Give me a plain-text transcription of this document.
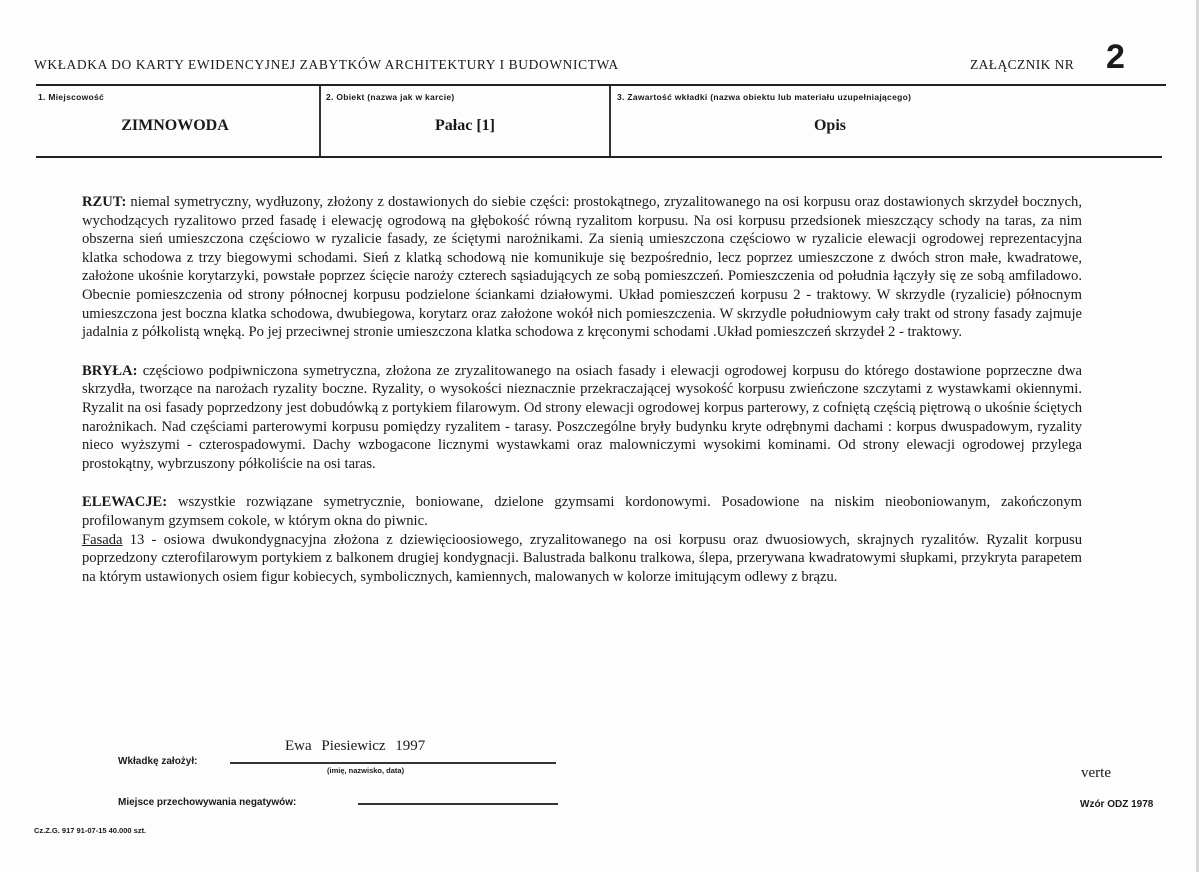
WKŁADKA DO KARTY EWIDENCYJNEJ ZABYTKÓW ARCHITEKTURY I BUDOWNICTWA	ZAŁĄCZNIK NR 2
1. Miejscowość
ZIMNOWODA
2. Obiekt (nazwa jak w karcie)
Pałac [1]
3. Zawartość wkładki (nazwa obiektu lub materiału uzupełniającego)
Opis

RZUT: niemal symetryczny, wydłuzony, złożony z dostawionych do siebie części: prostokątnego, zryzalitowanego na osi korpusu oraz dostawionych skrzydeł bocznych, wychodzących ryzalitowo przed fasadę i elewację ogrodową na głębokość równą ryzalitom korpusu. Na osi korpusu przedsionek mieszczący schody na taras, za nim obszerna sień umieszczona częściowo w ryzalicie fasady, ze ściętymi narożnikami. Za sienią umieszczona częściowo w ryzalicie elewacji ogrodowej reprezentacyjna klatka schodowa z trzy biegowymi schodami. Sień z klatką schodową nie komunikuje się bezpośrednio, lecz poprzez umieszczone z dwóch stron małe, kwadratowe, założone ukośnie korytarzyki, powstałe poprzez ścięcie naroży czterech sąsiadujących ze sobą pomieszczeń. Pomieszczenia od południa łączyły się ze sobą amfiladowo. Obecnie pomieszczenia od strony północnej korpusu podzielone ściankami działowymi. Układ pomieszczeń korpusu 2 - traktowy. W skrzydle (ryzalicie) północnym umieszczona jest boczna klatka schodowa, dwubiegowa, korytarz oraz założone wokół nich pomieszczenia. W skrzydle południowym cały trakt od strony fasady zajmuje jadalnia z półkolistą wnęką. Po jej przeciwnej stronie umieszczona klatka schodowa z kręconymi schodami .Układ pomieszczeń skrzydeł 2 - traktowy.

BRYŁA: częściowo podpiwniczona symetryczna, złożona ze zryzalitowanego na osiach fasady i elewacji ogrodowej korpusu do którego dostawione poprzeczne dwa skrzydła, tworzące na narożach ryzality boczne. Ryzality, o wysokości nieznacznie przekraczającej wysokość korpusu zwieńczone szczytami z wystawkami okiennymi. Ryzalit na osi fasady poprzedzony jest dobudówką z portykiem filarowym. Od strony elewacji ogrodowej korpus parterowy, z cofniętą częścią piętrową o ukośnie ściętych narożnikach. Nad częściami parterowymi korpusu pomiędzy ryzalitem - tarasy. Poszczególne bryły budynku kryte odrębnymi dachami : korpus dwuspadowym, ryzality nieco wyższymi - czterospadowymi. Dachy wzbogacone licznymi wystawkami oraz malowniczymi wysokimi kominami. Od strony elewacji ogrodowej przylega prostokątny, wybrzuszony półkoliście na osi taras.

ELEWACJE: wszystkie rozwiązane symetrycznie, boniowane, dzielone gzymsami kordonowymi. Posadowione na niskim nieoboniowanym, zakończonym profilowanym gzymsem cokole, w którym okna do piwnic.
Fasada 13 - osiowa dwukondygnacyjna złożona z dziewięcioosiowego, zryzalitowanego na osi korpusu oraz dwuosiowych, skrajnych ryzalitów. Ryzalit korpusu poprzedzony czterofilarowym portykiem z balkonem drugiej kondygnacji. Balustrada balkonu tralkowa, ślepa, przerywana kwadratowymi słupkami, przykryta parapetem na którym ustawionych osiem figur kobiecych, symbolicznych, kamiennych, malowanych w kolorze imitującym odlewy z brązu.

Ewa Piesiewicz 1997
Wkładkę założył:
(imię, nazwisko, data)
Miejsce przechowywania negatywów:
verte
Wzór ODZ 1978
Cz.Z.G. 917 91-07-15 40.000 szt.
